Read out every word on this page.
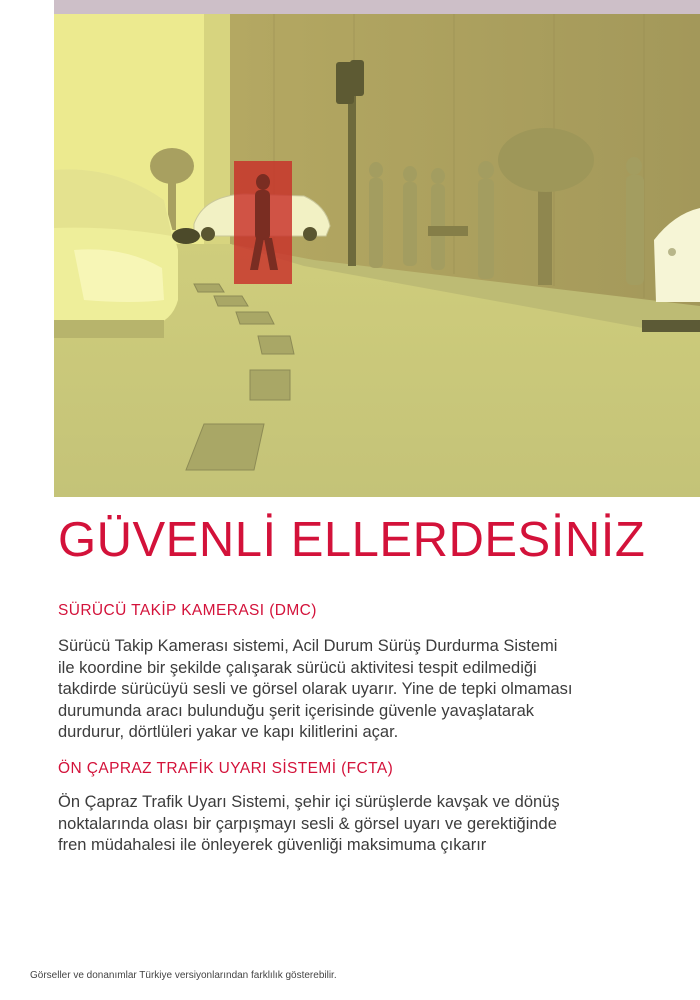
GÜVENLİ ELLERDESİNİZ
SÜRÜCÜ TAKİP KAMERASI (DMC)

Sürücü Takip Kamerası sistemi, Acil Durum Sürüş Durdurma Sistemi
ile koordine bir şekilde çalışarak sürücü aktivitesi tespit edilmediği
takdirde sürücüyü sesli ve görsel olarak uyarır. Yine de tepki olmaması
durumunda aracı bulunduğu şerit içerisinde güvenle yavaşlatarak
durdurur, dörtlüleri yakar ve kapı kilitlerini açar.

ÖN ÇAPRAZ TRAFİK UYARI SİSTEMİ (FCTA)

Ön Çapraz Trafik Uyarı Sistemi, şehir içi sürüşlerde kavşak ve dönüş
noktalarında olası bir çarpışmayı sesli & görsel uyarı ve gerektiğinde
fren müdahalesi ile önleyerek güvenliği maksimuma çıkarır

Görseller ve donanımlar Türkiye versiyonlarından farklılık gösterebilir.
